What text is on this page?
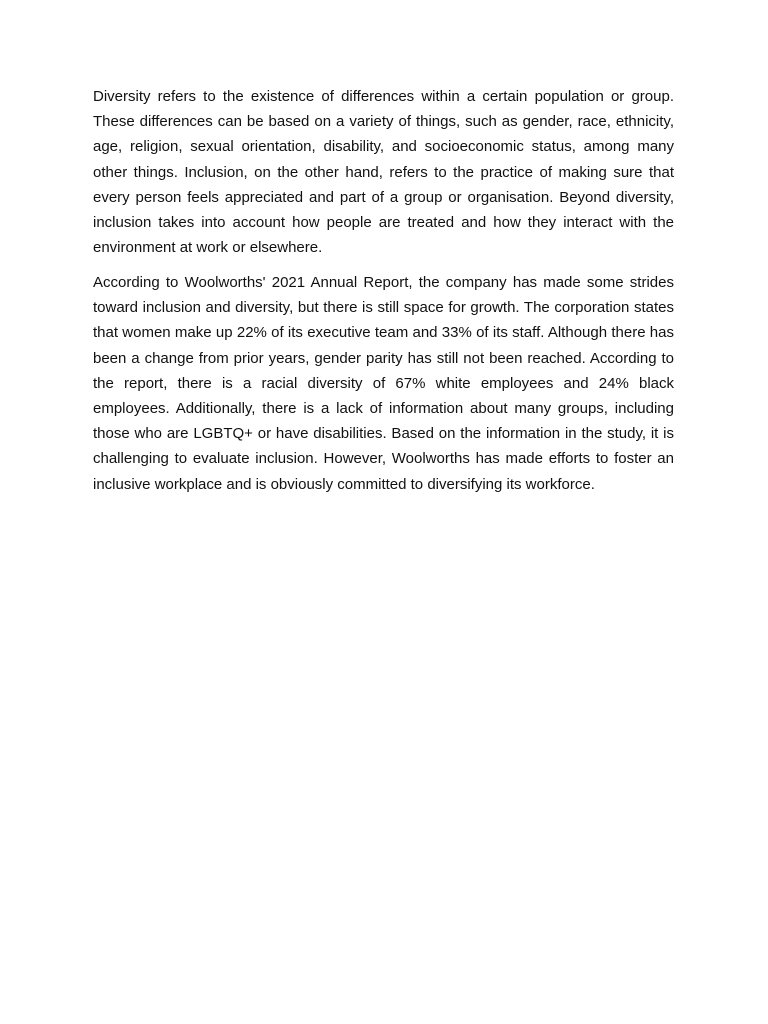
Diversity refers to the existence of differences within a certain population or group. These differences can be based on a variety of things, such as gender, race, ethnicity, age, religion, sexual orientation, disability, and socioeconomic status, among many other things. Inclusion, on the other hand, refers to the practice of making sure that every person feels appreciated and part of a group or organisation. Beyond diversity, inclusion takes into account how people are treated and how they interact with the environment at work or elsewhere.

According to Woolworths' 2021 Annual Report, the company has made some strides toward inclusion and diversity, but there is still space for growth. The corporation states that women make up 22% of its executive team and 33% of its staff. Although there has been a change from prior years, gender parity has still not been reached. According to the report, there is a racial diversity of 67% white employees and 24% black employees. Additionally, there is a lack of information about many groups, including those who are LGBTQ+ or have disabilities. Based on the information in the study, it is challenging to evaluate inclusion. However, Woolworths has made efforts to foster an inclusive workplace and is obviously committed to diversifying its workforce.
